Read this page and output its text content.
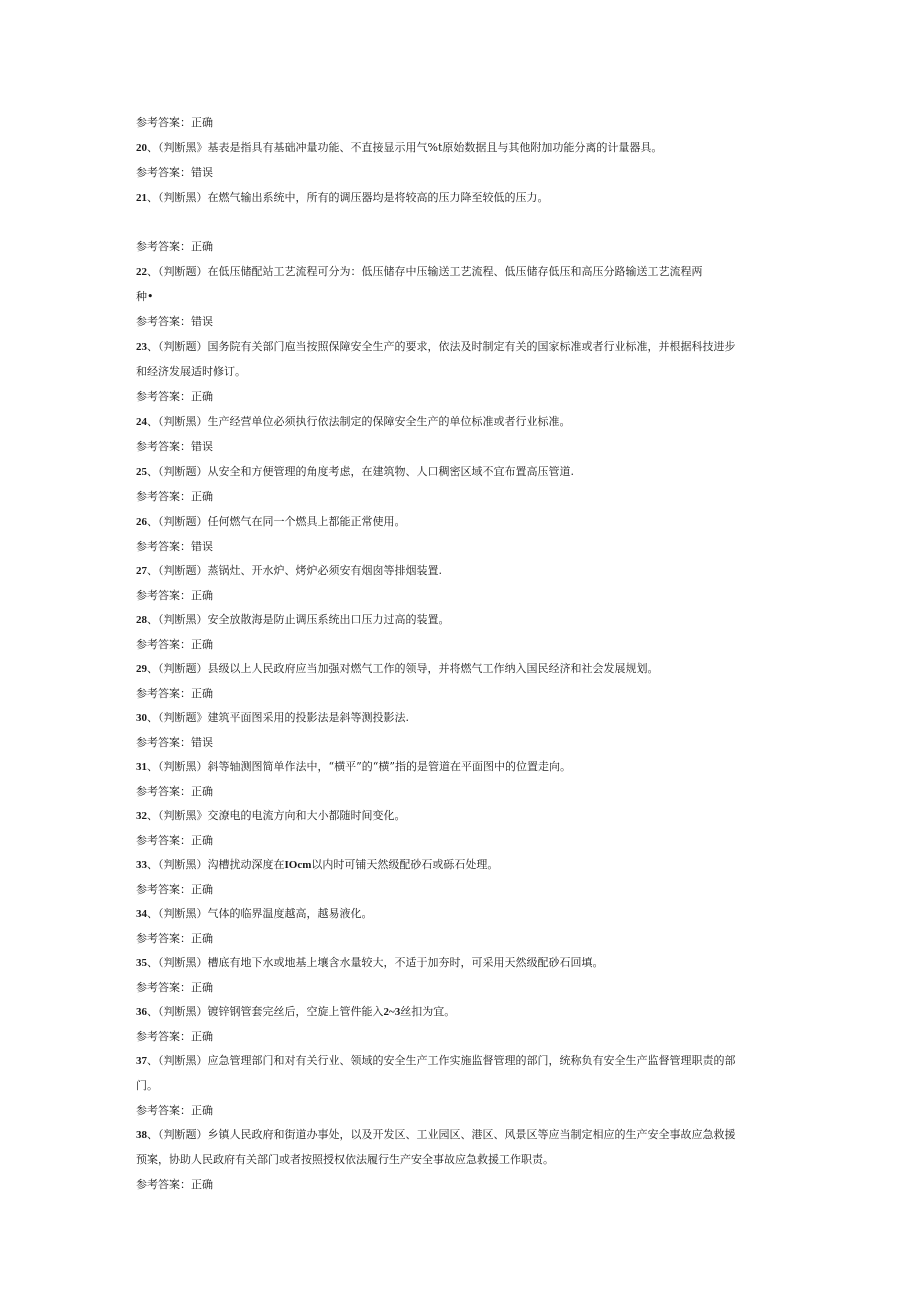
参考答案：正确
20、（判断黑》基表是指具有基础冲量功能、不直接显示用气%t原始数据且与其他附加功能分离的计量器具。
参考答案：错误
21、（判断黑）在燃气输出系统中，所有的调压器均是将较高的压力降至较低的压力。
参考答案：正确
22、（判断题）在低压储配站工艺流程可分为：低压储存中压输送工艺流程、低压储存低压和高压分路输送工艺流程两
种•
参考答案：错误
23、（判断题）国务院有关部门庖当按照保障安全生产的要求，依法及时制定有关的国家标准或者行业标准，并根据科技进步
和经济发展适时修订。
参考答案：正确
24、（判断黑）生产经营单位必须执行依法制定的保障安全生产的单位标准或者行业标准。
参考答案：错误
25、（判断题）从安全和方便管理的角度考虑，在建筑物、人口稠密区域不宜布置高压管道.
参考答案：正确
26、（判断题）任何燃气在同一个燃具上都能正常使用。
参考答案：错误
27、（判断题）蒸锅灶、开水炉、烤炉必须安有烟囱等排烟装置.
参考答案：正确
28、（判断黑）安全放散海是防止调压系统出口压力过高的装置。
参考答案：正确
29、（判断题）县级以上人民政府应当加强对燃气工作的领导，并将燃气工作纳入国民经济和社会发展规划。
参考答案：正确
30、（判断题》建筑平面图采用的投影法是斜等测投影法.
参考答案：错误
31、（判断黑）斜等轴测图简单作法中，“横平”的“横”指的是管道在平面图中的位置走向。
参考答案：正确
32、（判断黑》交潦电的电流方向和大小都随时间变化。
参考答案：正确
33、（判断黑）沟槽扰动深度在IOcm以内时可铺天然级配砂石或砾石处理。
参考答案：正确
34、（判断黑）气体的临界温度越高，越易液化。
参考答案：正确
35、（判断黑）槽底有地下水或地基上壤含水量较大，不适于加夯时，可采用天然级配砂石回填。
参考答案：正确
36、（判断黑）镀锌钢管套完丝后，空旋上管件能入2~3丝扣为宜。
参考答案：正确
37、（判断黑）应急管理部门和对有关行业、领域的安全生产工作实施监督管理的部门，统称负有安全生产监督管理职责的部
门。
参考答案：正确
38、（判断题）乡镇人民政府和街道办事处，以及开发区、工业园区、港区、风景区等应当制定相应的生产安全事故应急救援
预案，协助人民政府有关部门或者按照授权依法履行生产安全事故应急救援工作职责。
参考答案：正确
